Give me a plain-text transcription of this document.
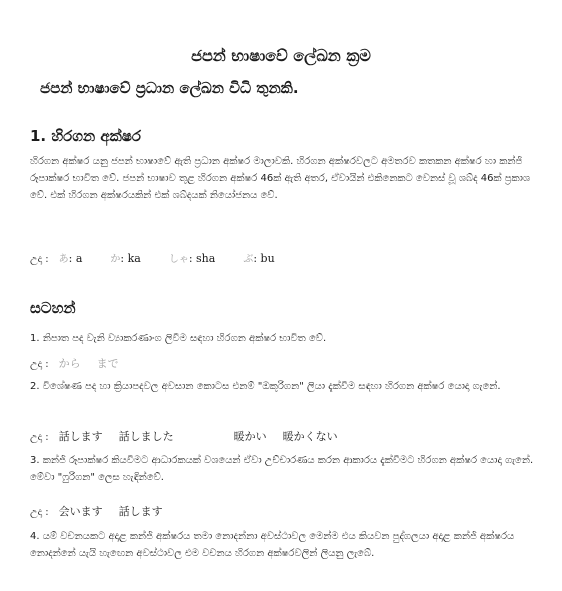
ජපන් භාෂාවේ ලේඛන ක්‍රම
ජපන් භාෂාවේ ප්‍රධාන ලේඛන විධි තුනකි.
1. හිරගන අක්ෂර
හිරගන අක්ෂර යනු ජපන් භාෂාවේ ඇති ප්‍රධාන අක්ෂර මාලාවකි. හිරගන අක්ෂරවලට අමතරව කතකන අක්ෂර හා කන්ජි රූපාක්ෂර භාවිත වේ. ජපන් භාෂාව තුළ හිරගන අක්ෂර 46ක් ඇති අතර, ඒවායින් එකිනෙකට වෙනස් වූ ශබ්ද 46ක් ප්‍රකාශ වේ. එක් හිරගන අක්ෂරයකින් එක් ශබ්දයක් නියෝජනය වේ.
උදා : あ: a	か: ka	しゃ: sha	ぶ: bu
සටහන්
1. නිපාත පද වැනි ව්‍යාකරණාංග ලිවීම සඳහා හිරගන අක්ෂර භාවිත වේ.
උදා : から まで
2. විශේෂණ පද හා ක්‍රියාපදවල අවසාන කොටස එනම් "ඔකුරිගන" ලියා දැක්වීම සඳහා හිරගන අක්ෂර යොදා ගැනේ.
උදා : 話します 話しました	暖かい 暖かくない
3. කන්ජි රූපාක්ෂර කියවීමට ආධාරකයක් වශයෙන් ඒවා උච්චාරණය කරන ආකාරය දැක්වීමට හිරගන අක්ෂර යොදා ගැනේ. මේවා "ෆුරිගන" ලෙස හැඳින්වේ.
උදා : 会います 話します
4. යම් වචනයකට අදාළ කන්ජි අක්ෂරය තමා නොදන්නා අවස්ථාවල මෙන්ම එය කියවන පුද්ගලයා අදාළ කන්ජි අක්ෂරය නොදන්නේ යැයි හැඟෙන අවස්ථාවල එම වචනය හිරගන අක්ෂරවලින් ලියනු ලැබේ.
